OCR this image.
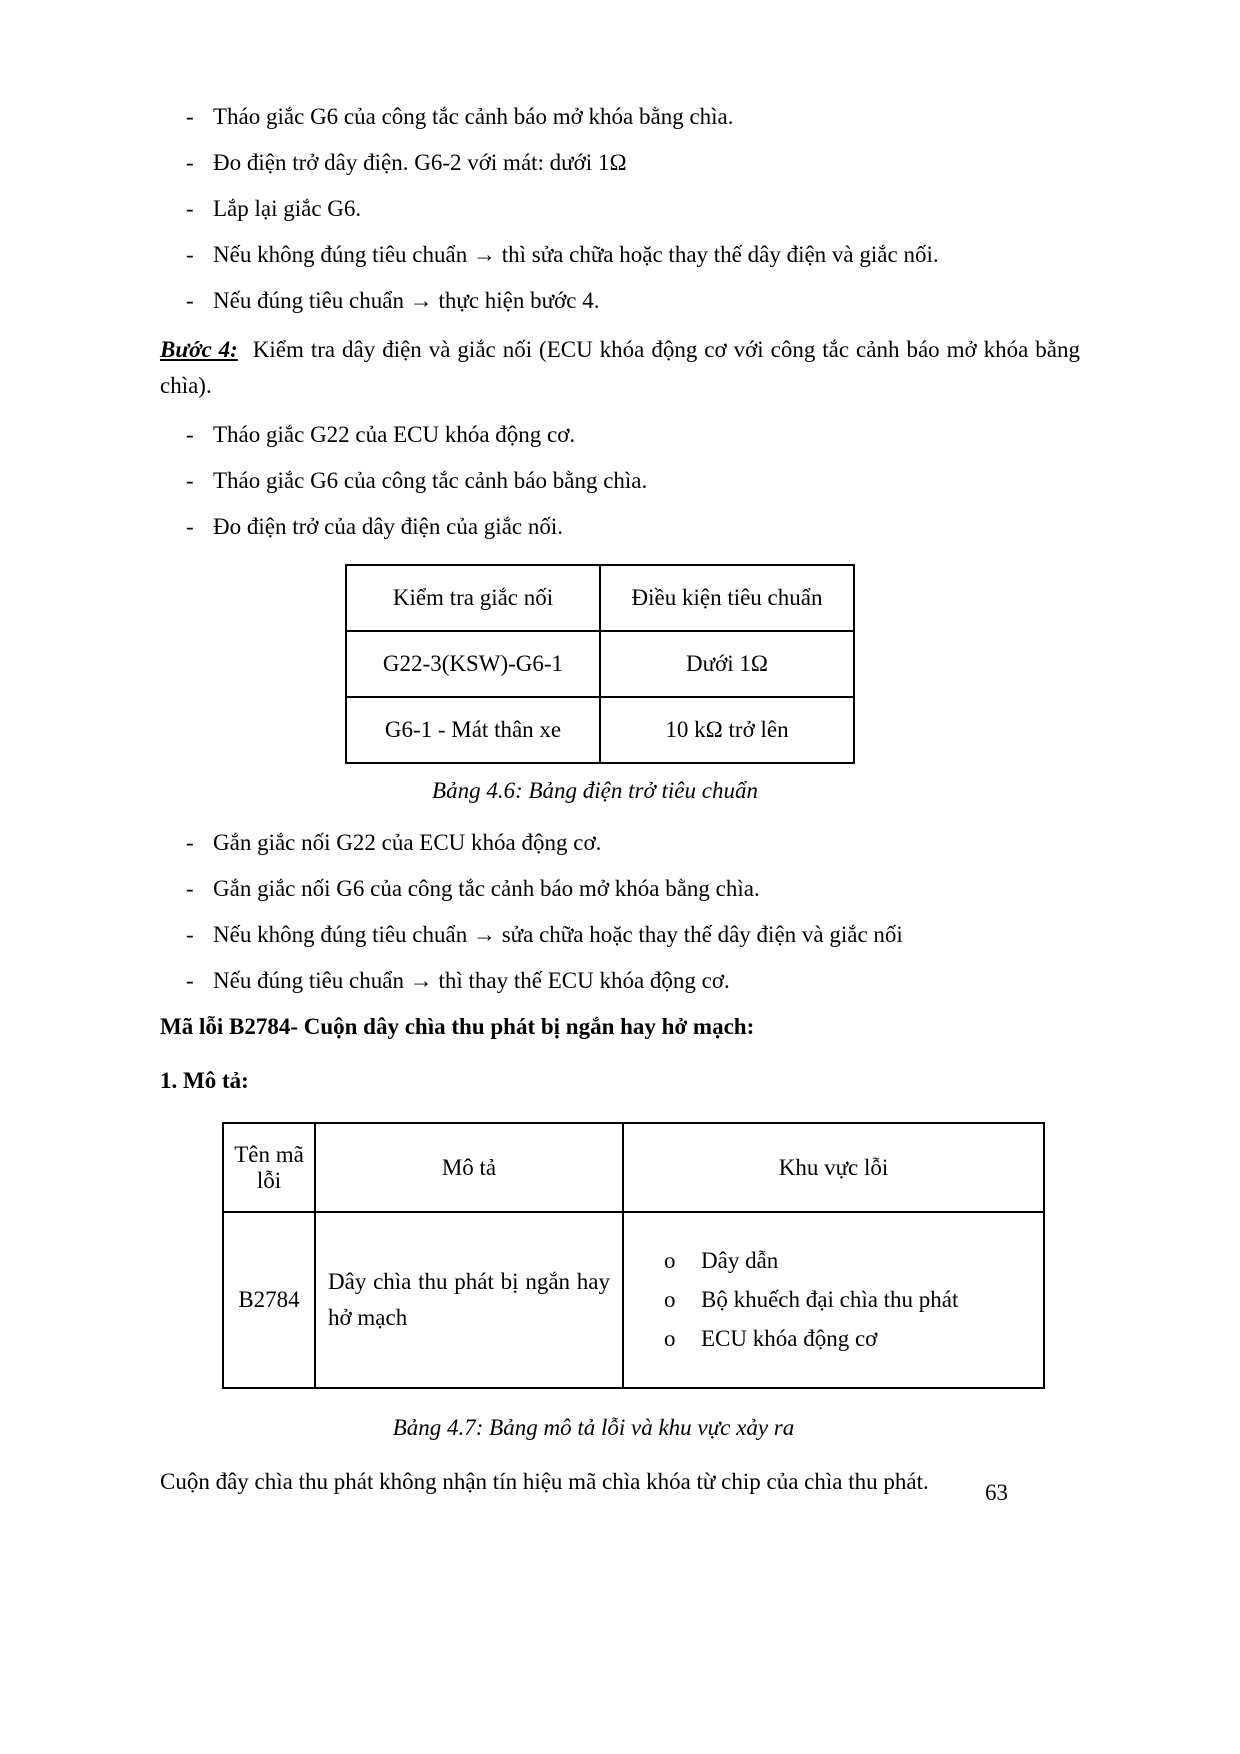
- Tháo giắc G6 của công tắc cảnh báo mở khóa bằng chìa.
- Đo điện trở dây điện. G6-2 với mát: dưới 1Ω
- Lắp lại giắc G6.
- Nếu không đúng tiêu chuẩn → thì sửa chữa hoặc thay thế dây điện và giắc nối.
- Nếu đúng tiêu chuẩn → thực hiện bước 4.

Bước 4: Kiểm tra dây điện và giắc nối (ECU khóa động cơ với công tắc cảnh báo mở khóa bằng chìa).

- Tháo giắc G22 của ECU khóa động cơ.
- Tháo giắc G6 của công tắc cảnh báo bằng chìa.
- Đo điện trở của dây điện của giắc nối.
Kiểm tra giắc nối	Điều kiện tiêu chuẩn
G22-3(KSW)-G6-1	Dưới 1Ω
G6-1 - Mát thân xe	10 kΩ trở lên
Bảng 4.6: Bảng điện trở tiêu chuẩn
- Gắn giắc nối G22 của ECU khóa động cơ.
- Gắn giắc nối G6 của công tắc cảnh báo mở khóa bằng chìa.
- Nếu không đúng tiêu chuẩn → sửa chữa hoặc thay thế dây điện và giắc nối
- Nếu đúng tiêu chuẩn → thì thay thế ECU khóa động cơ.
Mã lỗi B2784- Cuộn dây chìa thu phát bị ngắn hay hở mạch:
1. Mô tả:
Tên mã lỗi	Mô tả	Khu vực lỗi
B2784	Dây chìa thu phát bị ngắn hay hở mạch	
o	Dây dẫn
o	Bộ khuếch đại chìa thu phát
o	ECU khóa động cơ
Bảng 4.7: Bảng mô tả lỗi và khu vực xảy ra

Cuộn đây chìa thu phát không nhận tín hiệu mã chìa khóa từ chip của chìa thu phát.	63
